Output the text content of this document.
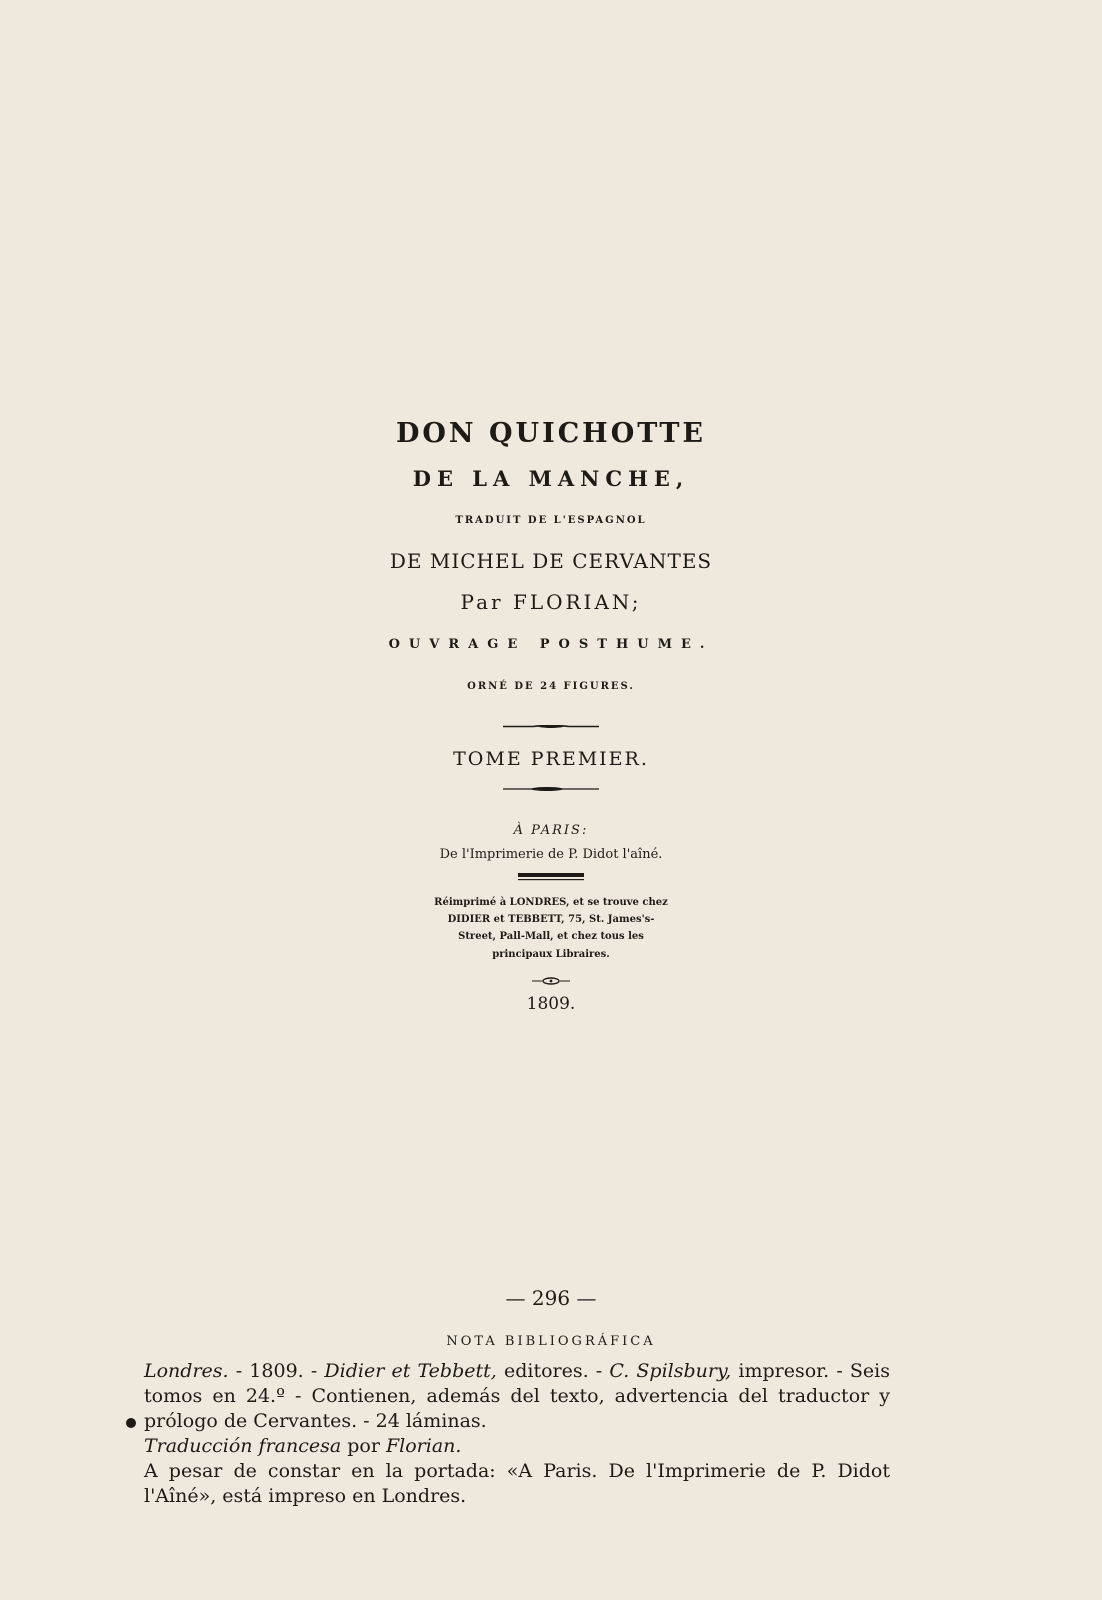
DON QUICHOTTE
DE LA MANCHE,
TRADUIT DE L'ESPAGNOL
DE MICHEL DE CERVANTES
Par FLORIAN;
OUVRAGE POSTHUME.
ORNÉ DE 24 FIGURES.
TOME PREMIER.
À PARIS:
De l'Imprimerie de P. Didot l'aîné.
Réimprimé à LONDRES, et se trouve chez
DIDIER et TEBBETT, 75, St. James's-
Street, Pall-Mall, et chez tous les
principaux Libraires.
1809.
— 296 —
NOTA BIBLIOGRÁFICA

Londres. - 1809. - Didier et Tebbett, editores. - C. Spilsbury, impresor. - Seis tomos en 24.º - Contienen, además del texto, advertencia del traductor y prólogo de Cervantes. - 24 láminas.

Traducción francesa por Florian.

A pesar de constar en la portada: «A Paris. De l'Imprimerie de P. Didot l'Aîné», está impreso en Londres.
